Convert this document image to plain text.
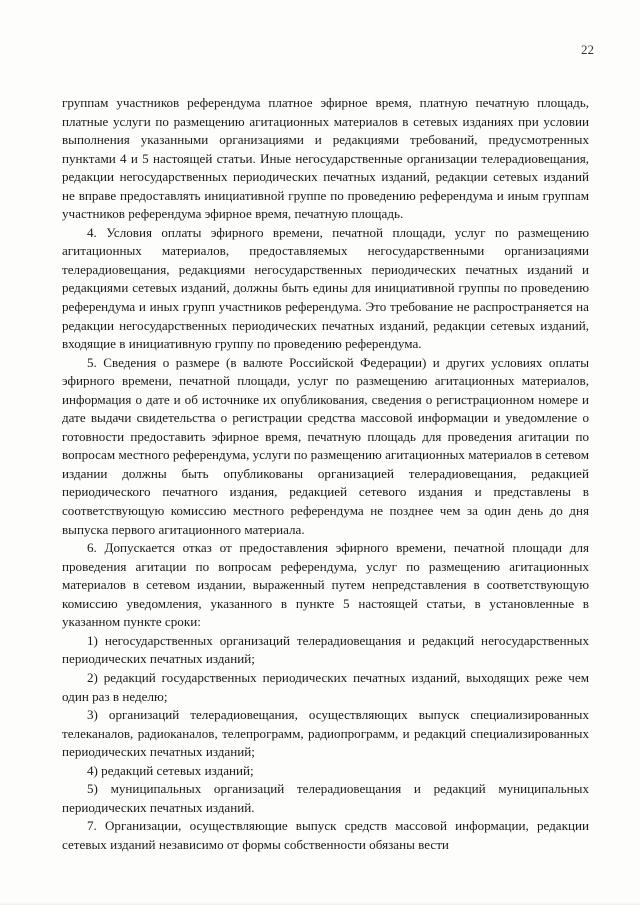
22

группам участников референдума платное эфирное время, платную печатную площадь, платные услуги по размещению агитационных материалов в сетевых изданиях при условии выполнения указанными организациями и редакциями требований, предусмотренных пунктами 4 и 5 настоящей статьи. Иные негосударственные организации телерадиовещания, редакции негосударственных периодических печатных изданий, редакции сетевых изданий не вправе предоставлять инициативной группе по проведению референдума и иным группам участников референдума эфирное время, печатную площадь.

4. Условия оплаты эфирного времени, печатной площади, услуг по размещению агитационных материалов, предоставляемых негосударственными организациями телерадиовещания, редакциями негосударственных периодических печатных изданий и редакциями сетевых изданий, должны быть едины для инициативной группы по проведению референдума и иных групп участников референдума. Это требование не распространяется на редакции негосударственных периодических печатных изданий, редакции сетевых изданий, входящие в инициативную группу по проведению референдума.

5. Сведения о размере (в валюте Российской Федерации) и других условиях оплаты эфирного времени, печатной площади, услуг по размещению агитационных материалов, информация о дате и об источнике их опубликования, сведения о регистрационном номере и дате выдачи свидетельства о регистрации средства массовой информации и уведомление о готовности предоставить эфирное время, печатную площадь для проведения агитации по вопросам местного референдума, услуги по размещению агитационных материалов в сетевом издании должны быть опубликованы организацией телерадиовещания, редакцией периодического печатного издания, редакцией сетевого издания и представлены в соответствующую комиссию местного референдума не позднее чем за один день до дня выпуска первого агитационного материала.

6. Допускается отказ от предоставления эфирного времени, печатной площади для проведения агитации по вопросам референдума, услуг по размещению агитационных материалов в сетевом издании, выраженный путем непредставления в соответствующую комиссию уведомления, указанного в пункте 5 настоящей статьи, в установленные в указанном пункте сроки:

1) негосударственных организаций телерадиовещания и редакций негосударственных периодических печатных изданий;

2) редакций государственных периодических печатных изданий, выходящих реже чем один раз в неделю;

3) организаций телерадиовещания, осуществляющих выпуск специализированных телеканалов, радиоканалов, телепрограмм, радиопрограмм, и редакций специализированных периодических печатных изданий;

4) редакций сетевых изданий;

5) муниципальных организаций телерадиовещания и редакций муниципальных периодических печатных изданий.

7. Организации, осуществляющие выпуск средств массовой информации, редакции сетевых изданий независимо от формы собственности обязаны вести
